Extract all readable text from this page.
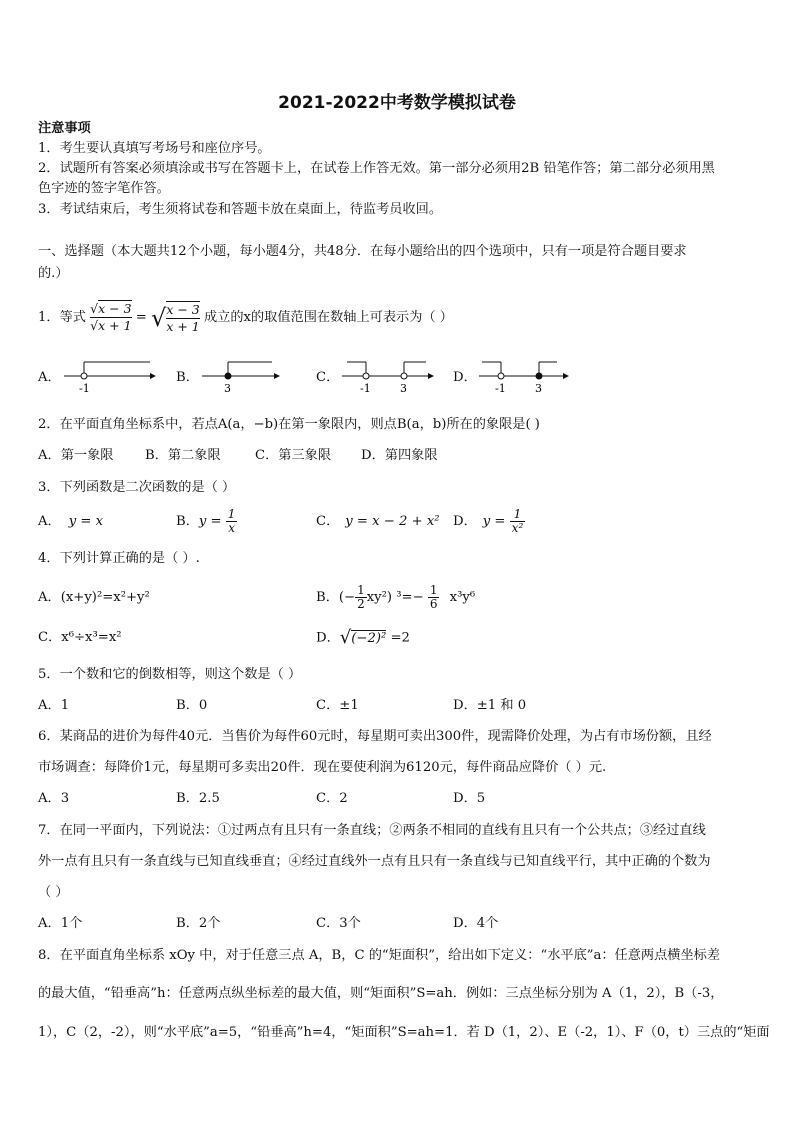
2021-2022中考数学模拟试卷
注意事项
1．考生要认真填写考场号和座位序号。
2．试题所有答案必须填涂或书写在答题卡上，在试卷上作答无效。第一部分必须用2B 铅笔作答；第二部分必须用黑
色字迹的签字笔作答。
3．考试结束后，考生须将试卷和答题卡放在桌面上，待监考员收回。
一、选择题（本大题共12个小题，每小题4分，共48分．在每小题给出的四个选项中，只有一项是符合题目要求
的.）
1．等式 $\frac{√x - 3}{√x + 1}$ = √ $\frac{x - 3}{x + 1}$ 成立的x的取值范围在数轴上可表示为（ ）
A．
-1
B．
3
C．
-1	3
D．
-1	3
2．在平面直角坐标系中，若点A(a，−b)在第一象限内，则点B(a，b)所在的象限是( )
A．第一象限 B．第二象限	C．第三象限 D．第四象限
3．下列函数是二次函数的是（ ）
A． y = x	B．$y = \frac{1}{x}$	C． y = x − 2 + x² D． $y = \frac{1}{\text{x²}}$
4．下列计算正确的是（ ）.
A．(x+y)²=x²+y²	B．(− $\frac{1}{2} xy^2$) $^3=- \frac{1}{6} x^3y^6$
C．x⁶÷x³=x²	D．√(−2)² =2
5．一个数和它的倒数相等，则这个数是（ ）
A．1	B．0	C．±1	D．±1 和 0
6．某商品的进价为每件40元．当售价为每件60元时，每星期可卖出300件，现需降价处理，为占有市场份额，且经
市场调查：每降价1元，每星期可多卖出20件．现在要使利润为6120元，每件商品应降价（ ）元.
A．3	B．2.5	C．2	D．5
7．在同一平面内，下列说法：①过两点有且只有一条直线；②两条不相同的直线有且只有一个公共点；③经过直线
外一点有且只有一条直线与已知直线垂直；④经过直线外一点有且只有一条直线与已知直线平行，其中正确的个数为
（ ）
A．1个	B．2个	C．3个	D．4个
8．在平面直角坐标系 xOy 中，对于任意三点 A，B，C 的“矩面积”，给出如下定义：“水平底”a：任意两点横坐标差
的最大值，“铅垂高”h：任意两点纵坐标差的最大值，则“矩面积”S=ah．例如：三点坐标分别为 A（1，2），B（-3，
1），C（2，-2），则“水平底”a=5，“铅垂高”h=4，“矩面积”S=ah=1．若 D（1，2）、E（-2，1）、F（0，t）三点的“矩面
